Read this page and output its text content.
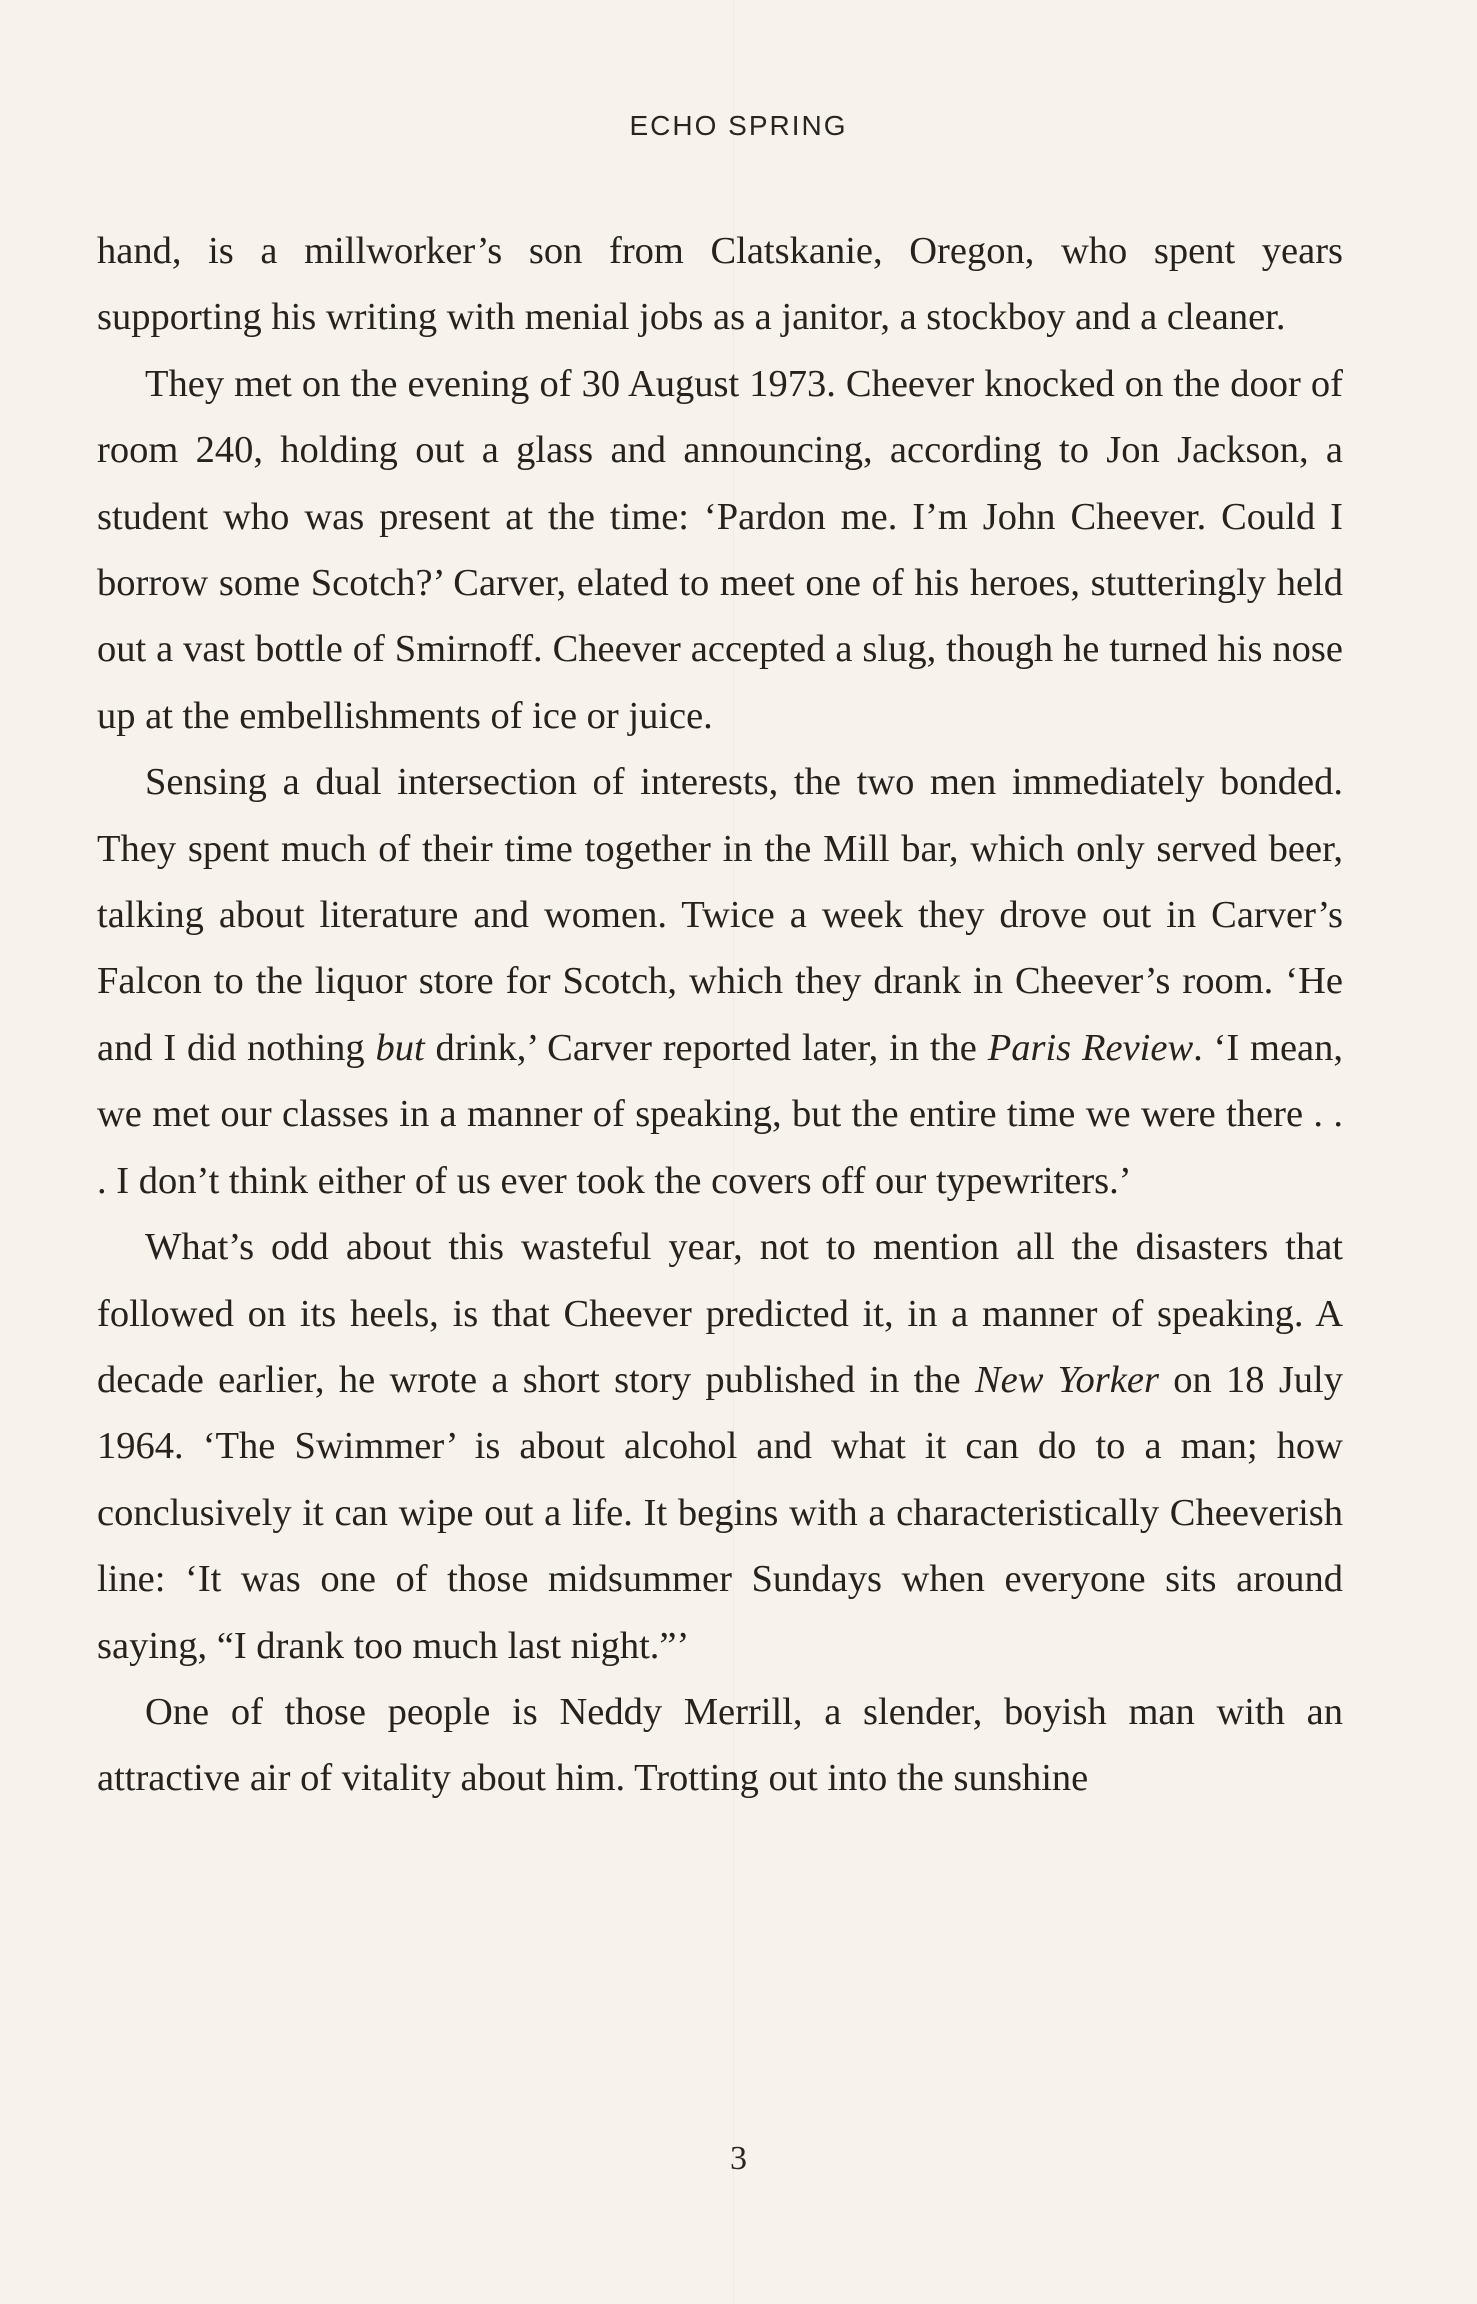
ECHO SPRING

hand, is a millworker’s son from Clatskanie, Oregon, who spent years supporting his writing with menial jobs as a janitor, a stockboy and a cleaner.

They met on the evening of 30 August 1973. Cheever knocked on the door of room 240, holding out a glass and announcing, according to Jon Jackson, a student who was present at the time: ‘Pardon me. I’m John Cheever. Could I borrow some Scotch?’ Carver, elated to meet one of his heroes, stutteringly held out a vast bottle of Smirnoff. Cheever accepted a slug, though he turned his nose up at the embellishments of ice or juice.

Sensing a dual intersection of interests, the two men immediately bonded. They spent much of their time together in the Mill bar, which only served beer, talking about literature and women. Twice a week they drove out in Carver’s Falcon to the liquor store for Scotch, which they drank in Cheever’s room. ‘He and I did nothing but drink,’ Carver reported later, in the Paris Review. ‘I mean, we met our classes in a manner of speaking, but the entire time we were there . . . I don’t think either of us ever took the covers off our typewriters.’

What’s odd about this wasteful year, not to mention all the disasters that followed on its heels, is that Cheever predicted it, in a manner of speaking. A decade earlier, he wrote a short story published in the New Yorker on 18 July 1964. ‘The Swimmer’ is about alcohol and what it can do to a man; how conclusively it can wipe out a life. It begins with a characteristically Cheeverish line: ‘It was one of those midsummer Sundays when everyone sits around saying, “I drank too much last night.”’

One of those people is Neddy Merrill, a slender, boyish man with an attractive air of vitality about him. Trotting out into the sunshine

3
